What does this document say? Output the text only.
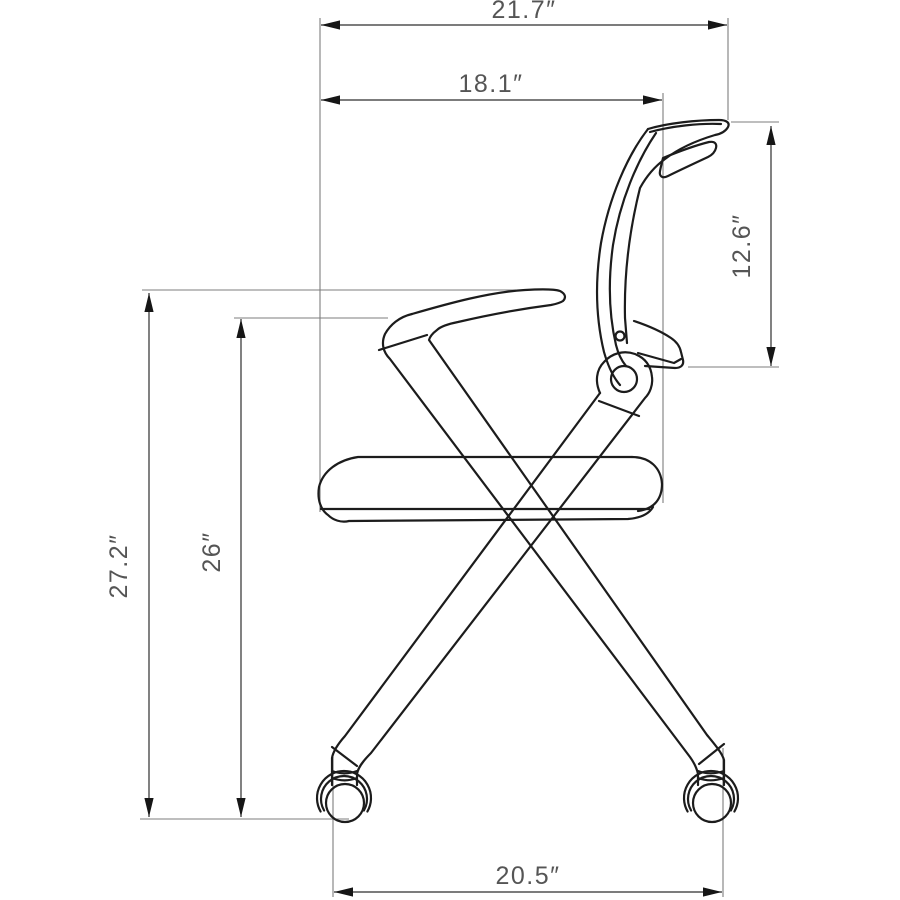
21.7″
18.1″
12.6″
27.2″	26″
20.5″
